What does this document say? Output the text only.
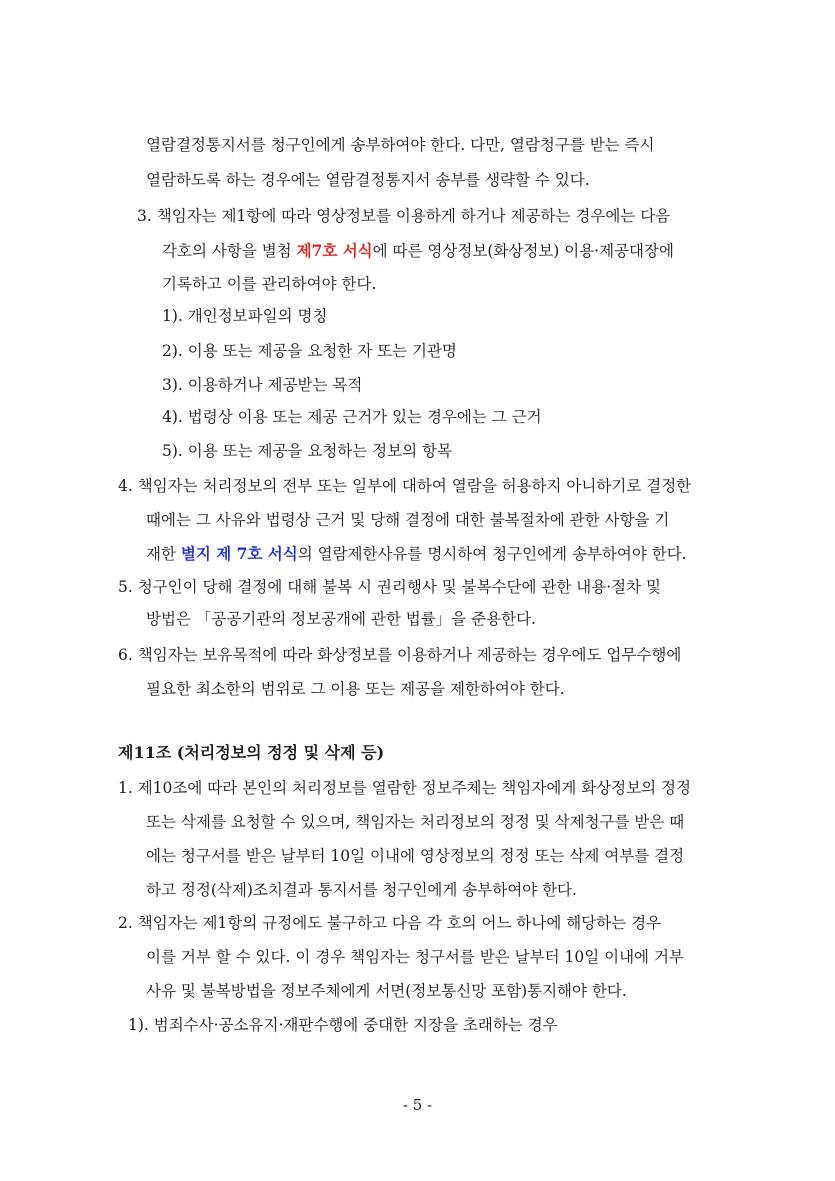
열람결정통지서를 청구인에게 송부하여야 한다. 다만, 열람청구를 받는 즉시
열람하도록 하는 경우에는 열람결정통지서 송부를 생략할 수 있다.
3. 책임자는 제1항에 따라 영상정보를 이용하게 하거나 제공하는 경우에는 다음
각호의 사항을 별첨 제7호 서식에 따른 영상정보(화상정보) 이용·제공대장에
기록하고 이를 관리하여야 한다.
1). 개인정보파일의 명칭
2). 이용 또는 제공을 요청한 자 또는 기관명
3). 이용하거나 제공받는 목적
4). 법령상 이용 또는 제공 근거가 있는 경우에는 그 근거
5). 이용 또는 제공을 요청하는 정보의 항목
4. 책임자는 처리정보의 전부 또는 일부에 대하여 열람을 허용하지 아니하기로 결정한
때에는 그 사유와 법령상 근거 및 당해 결정에 대한 불복절차에 관한 사항을 기
재한 별지 제 7호 서식의 열람제한사유를 명시하여 청구인에게 송부하여야 한다.
5. 청구인이 당해 결정에 대해 불복 시 권리행사 및 불복수단에 관한 내용·절차 및
방법은 「공공기관의 정보공개에 관한 법률」을 준용한다.
6. 책임자는 보유목적에 따라 화상정보를 이용하거나 제공하는 경우에도 업무수행에
필요한 최소한의 범위로 그 이용 또는 제공을 제한하여야 한다.
제11조 (처리정보의 정정 및 삭제 등)
1. 제10조에 따라 본인의 처리정보를 열람한 정보주체는 책임자에게 화상정보의 정정
또는 삭제를 요청할 수 있으며, 책임자는 처리정보의 정정 및 삭제청구를 받은 때
에는 청구서를 받은 날부터 10일 이내에 영상정보의 정정 또는 삭제 여부를 결정
하고 정정(삭제)조치결과 통지서를 청구인에게 송부하여야 한다.
2. 책임자는 제1항의 규정에도 불구하고 다음 각 호의 어느 하나에 해당하는 경우
이를 거부 할 수 있다. 이 경우 책임자는 청구서를 받은 날부터 10일 이내에 거부
사유 및 불복방법을 정보주체에게 서면(정보통신망 포함)통지해야 한다.
1). 범죄수사·공소유지·재판수행에 중대한 지장을 초래하는 경우
- 5 -
